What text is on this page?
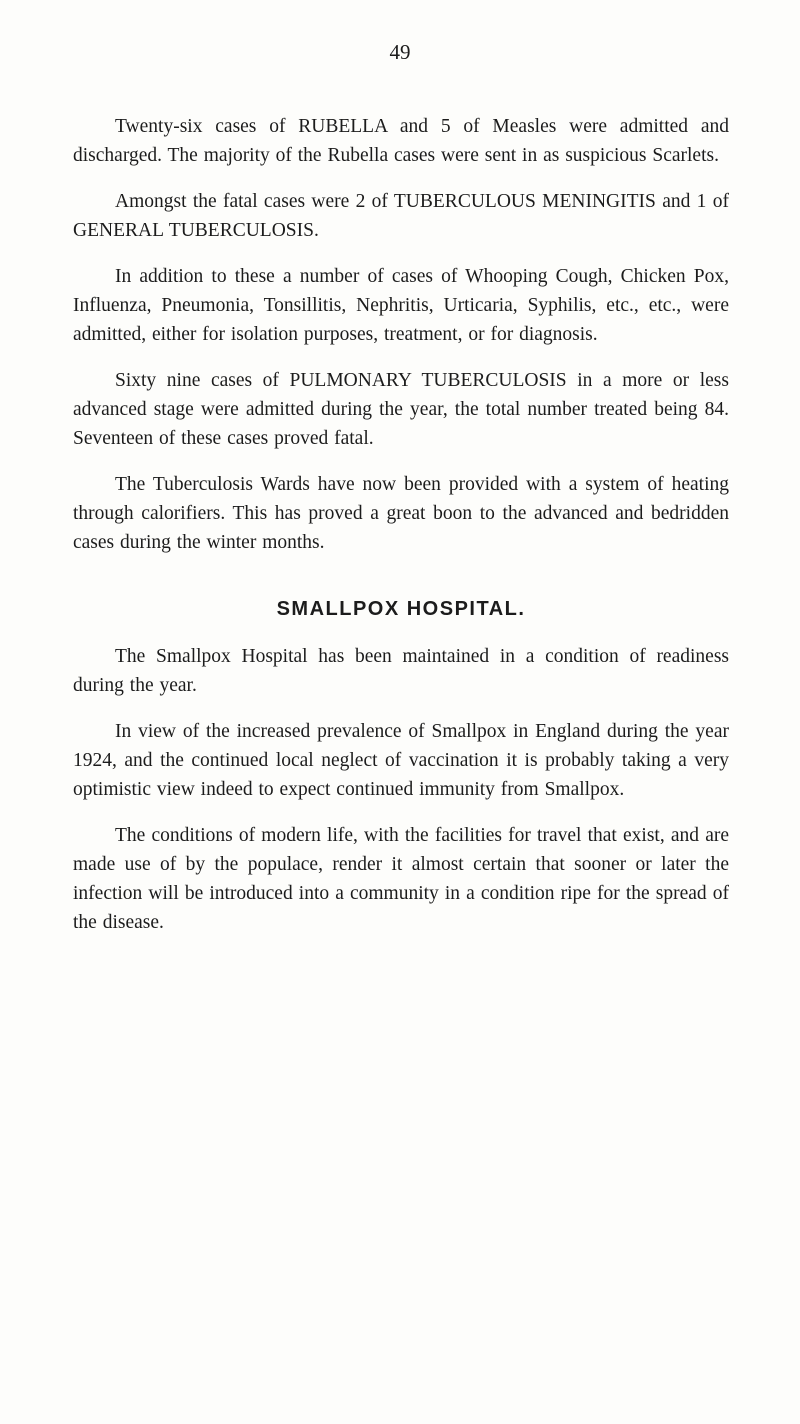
49

Twenty-six cases of RUBELLA and 5 of Measles were admitted and discharged. The majority of the Rubella cases were sent in as suspicious Scarlets.

Amongst the fatal cases were 2 of TUBERCULOUS MENINGITIS and 1 of GENERAL TUBERCULOSIS.

In addition to these a number of cases of Whooping Cough, Chicken Pox, Influenza, Pneumonia, Tonsillitis, Nephritis, Urticaria, Syphilis, etc., etc., were admitted, either for isolation purposes, treatment, or for diagnosis.

Sixty nine cases of PULMONARY TUBERCULOSIS in a more or less advanced stage were admitted during the year, the total number treated being 84. Seventeen of these cases proved fatal.

The Tuberculosis Wards have now been provided with a system of heating through calorifiers. This has proved a great boon to the advanced and bedridden cases during the winter months.

SMALLPOX HOSPITAL.

The Smallpox Hospital has been maintained in a condition of readiness during the year.

In view of the increased prevalence of Smallpox in England during the year 1924, and the continued local neglect of vaccination it is probably taking a very optimistic view indeed to expect continued immunity from Smallpox.

The conditions of modern life, with the facilities for travel that exist, and are made use of by the populace, render it almost certain that sooner or later the infection will be introduced into a community in a condition ripe for the spread of the disease.
